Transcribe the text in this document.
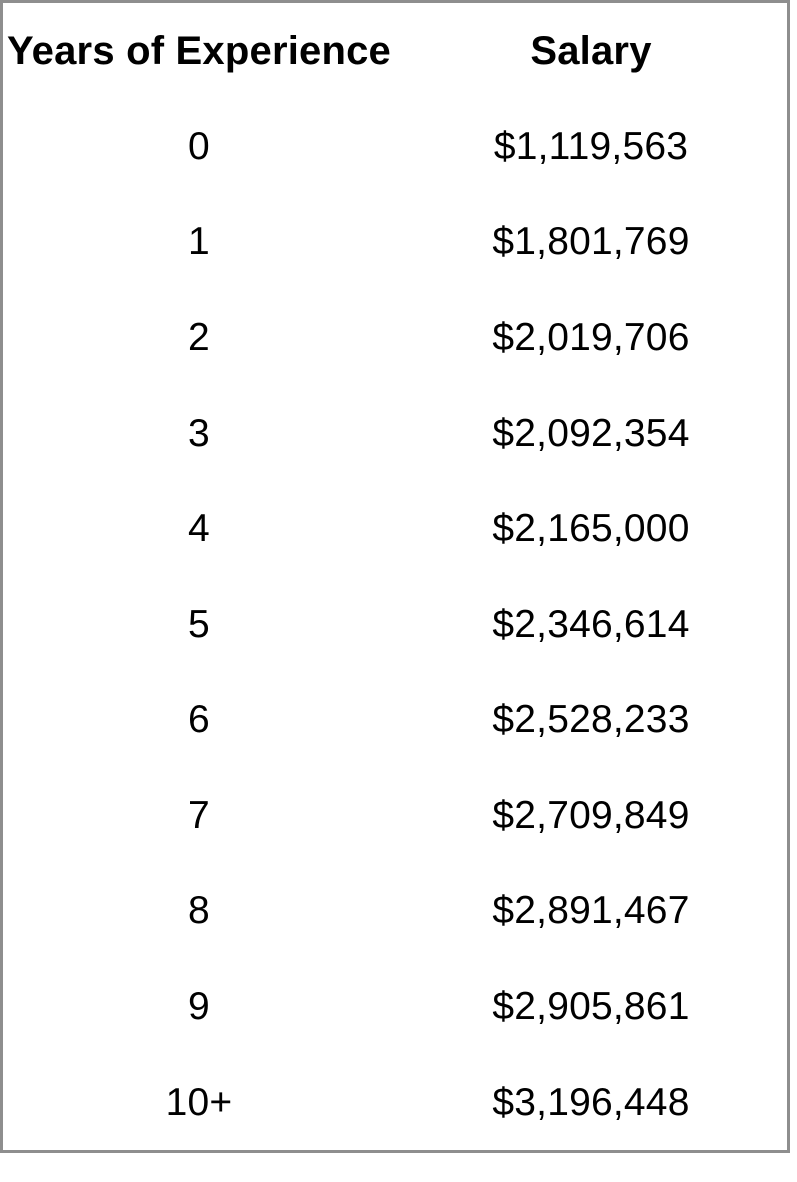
Years of Experience	Salary
0	$1,119,563
1	$1,801,769
2	$2,019,706
3	$2,092,354
4	$2,165,000
5	$2,346,614
6	$2,528,233
7	$2,709,849
8	$2,891,467
9	$2,905,861
10+	$3,196,448
